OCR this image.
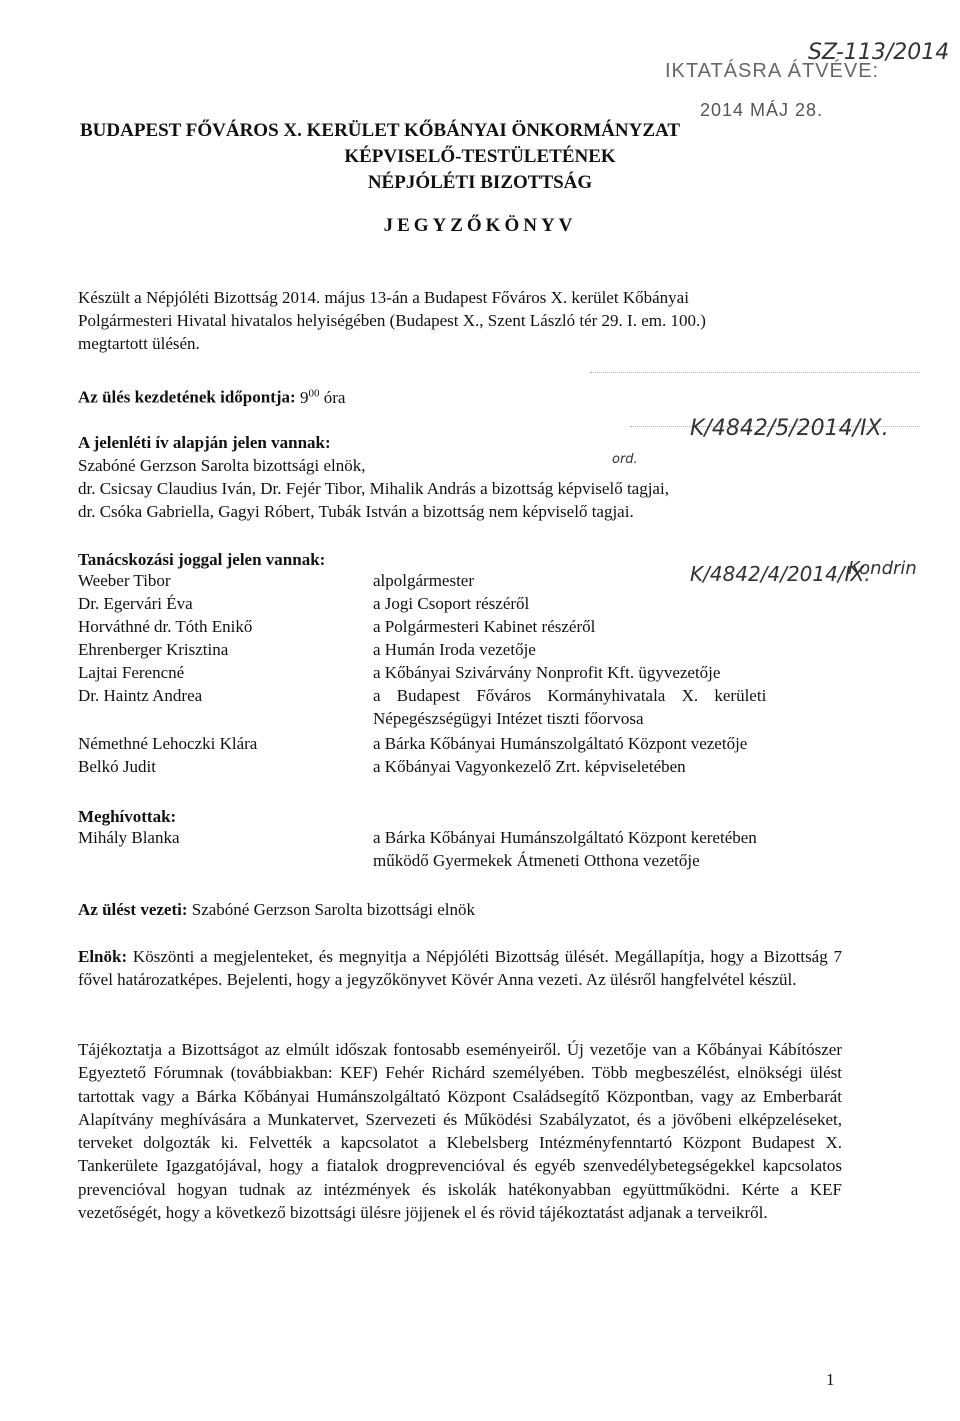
SZ-113/2014
IKTATÁSRA ÁTVÉVE:
2014 MÁJ 28.
BUDAPEST FŐVÁROS X. KERÜLET KŐBÁNYAI ÖNKORMÁNYZAT
KÉPVISELŐ-TESTÜLETÉNEK
NÉPJÓLÉTI BIZOTTSÁG
JEGYZŐKÖNYV
Készült a Népjóléti Bizottság 2014. május 13-án a Budapest Főváros X. kerület Kőbányai
Polgármesteri Hivatal hivatalos helyiségében (Budapest X., Szent László tér 29. I. em. 100.)
megtartott ülésén.
Az ülés kezdetének időpontja: $9^{00}$ óra
A jelenléti ív alapján jelen vannak:
K/4842/5/2014/IX.
Szabóné Gerzson Sarolta bizottsági elnök,	ord.
dr. Csicsay Claudius Iván, Dr. Fejér Tibor, Mihalik András a bizottság képviselő tagjai,
dr. Csóka Gabriella, Gagyi Róbert, Tubák István a bizottság nem képviselő tagjai.
Tanácskozási joggal jelen vannak:
K/4842/4/2014/IX.
Kondrin
Weeber Tibor	alpolgármester
Dr. Egervári Éva	a Jogi Csoport részéről
Horváthné dr. Tóth Enikő	a Polgármesteri Kabinet részéről
Ehrenberger Krisztina	a Humán Iroda vezetője
Lajtai Ferencné	a Kőbányai Szivárvány Nonprofit Kft. ügyvezetője
Dr. Haintz Andrea	a Budapest Főváros Kormányhivatala X. kerületi
Népegészségügyi Intézet tiszti főorvosa
Némethné Lehoczki Klára	a Bárka Kőbányai Humánszolgáltató Központ vezetője
Belkó Judit	a Kőbányai Vagyonkezelő Zrt. képviseletében
Meghívottak:
Mihály Blanka	a Bárka Kőbányai Humánszolgáltató Központ keretében
működő Gyermekek Átmeneti Otthona vezetője
Az ülést vezeti: Szabóné Gerzson Sarolta bizottsági elnök
Elnök: Köszönti a megjelenteket, és megnyitja a Népjóléti Bizottság ülését. Megállapítja, hogy a Bizottság 7 fővel határozatképes. Bejelenti, hogy a jegyzőkönyvet Kövér Anna vezeti. Az ülésről hangfelvétel készül.
Tájékoztatja a Bizottságot az elmúlt időszak fontosabb eseményeiről. Új vezetője van a Kőbányai Kábítószer Egyeztető Fórumnak (továbbiakban: KEF) Fehér Richárd személyében. Több megbeszélést, elnökségi ülést tartottak vagy a Bárka Kőbányai Humánszolgáltató Központ Családsegítő Központban, vagy az Emberbarát Alapítvány meghívására a Munkatervet, Szervezeti és Működési Szabályzatot, és a jövőbeni elképzeléseket, terveket dolgozták ki. Felvették a kapcsolatot a Klebelsberg Intézményfenntartó Központ Budapest X. Tankerülete Igazgatójával, hogy a fiatalok drogprevencióval és egyéb szenvedélybetegségekkel kapcsolatos prevencióval hogyan tudnak az intézmények és iskolák hatékonyabban együttműködni. Kérte a KEF vezetőségét, hogy a következő bizottsági ülésre jöjjenek el és rövid tájékoztatást adjanak a terveikről.
1
